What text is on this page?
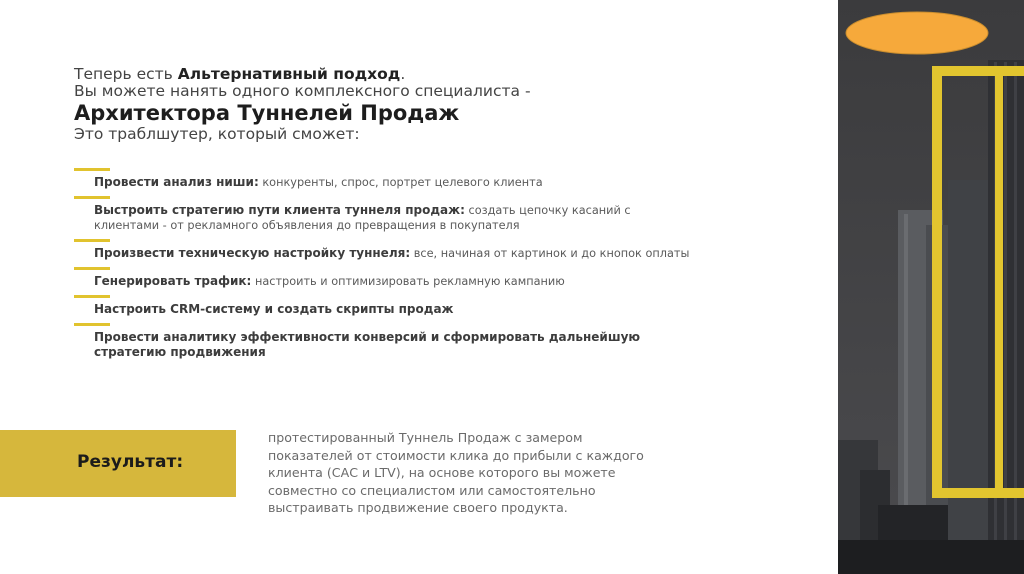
Теперь есть Альтернативный подход.
Вы можете нанять одного комплексного специалиста -
Архитектора Туннелей Продаж
Это траблшутер, который сможет:
Провести анализ ниши: конкуренты, спрос, портрет целевого клиента
Выстроить стратегию пути клиента туннеля продаж: создать цепочку касаний с клиентами - от рекламного объявления до превращения в покупателя
Произвести техническую настройку туннеля: все, начиная от картинок и до кнопок оплаты
Генерировать трафик: настроить и оптимизировать рекламную кампанию
Настроить CRM-систему и создать скрипты продаж
Провести аналитику эффективности конверсий и сформировать дальнейшую стратегию продвижения
Результат:
протестированный Туннель Продаж с замером показателей от стоимости клика до прибыли с каждого клиента (САС и LTV), на основе которого вы можете совместно со специалистом или самостоятельно выстраивать продвижение своего продукта.
